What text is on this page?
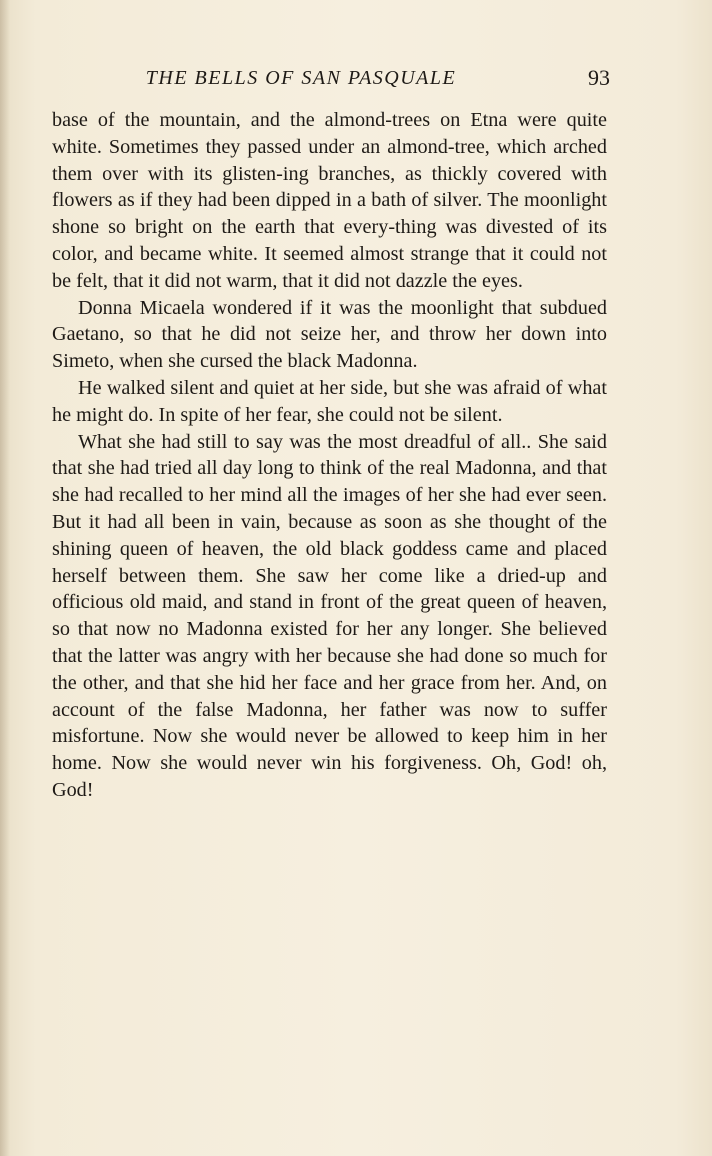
THE BELLS OF SAN PASQUALE	93

base of the mountain, and the almond-trees on Etna were quite white. Sometimes they passed under an almond-tree, which arched them over with its glisten-ing branches, as thickly covered with flowers as if they had been dipped in a bath of silver. The moonlight shone so bright on the earth that every-thing was divested of its color, and became white. It seemed almost strange that it could not be felt, that it did not warm, that it did not dazzle the eyes.

Donna Micaela wondered if it was the moonlight that subdued Gaetano, so that he did not seize her, and throw her down into Simeto, when she cursed the black Madonna.

He walked silent and quiet at her side, but she was afraid of what he might do. In spite of her fear, she could not be silent.

What she had still to say was the most dreadful of all.. She said that she had tried all day long to think of the real Madonna, and that she had recalled to her mind all the images of her she had ever seen. But it had all been in vain, because as soon as she thought of the shining queen of heaven, the old black goddess came and placed herself between them. She saw her come like a dried-up and officious old maid, and stand in front of the great queen of heaven, so that now no Madonna existed for her any longer. She believed that the latter was angry with her because she had done so much for the other, and that she hid her face and her grace from her. And, on account of the false Madonna, her father was now to suffer misfortune. Now she would never be allowed to keep him in her home. Now she would never win his forgiveness. Oh, God! oh, God!
